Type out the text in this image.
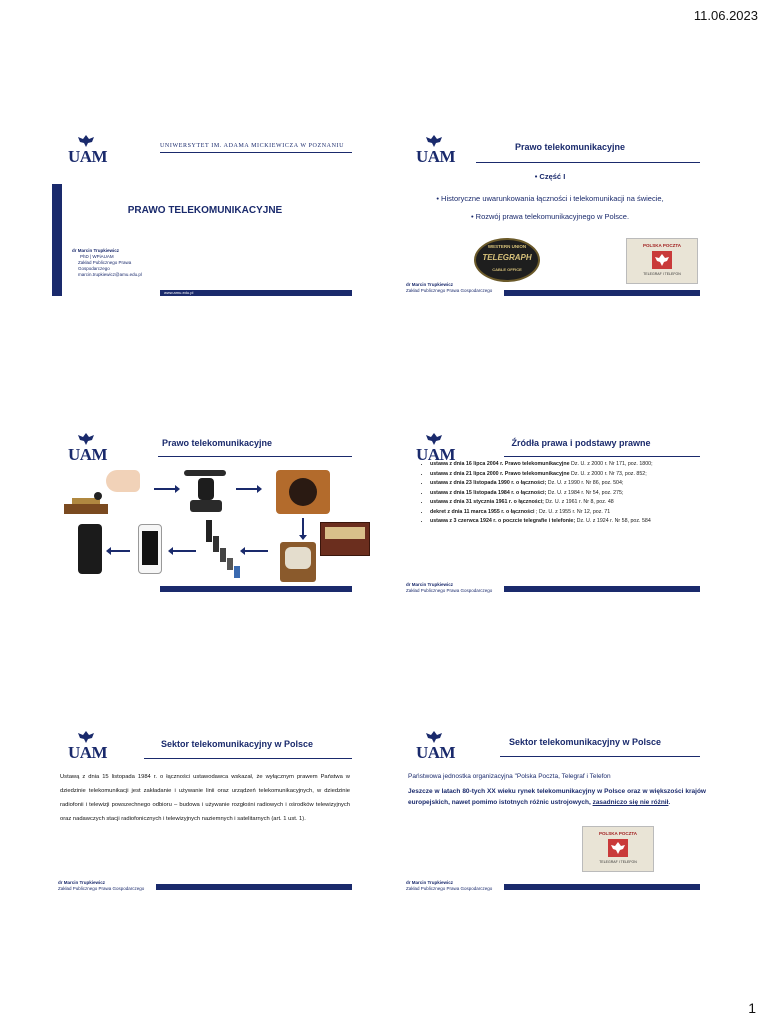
11.06.2023
UAM
UNIWERSYTET IM. ADAMA MICKIEWICZA W POZNANIU
PRAWO TELEKOMUNIKACYJNE
dr Marcin Trupkiewicz
PhD | WPiAUAM
Zakład Publicznego Prawa
Gospodarczego
marcin.trupkiewicz@amu.edu.pl
www.amu.edu.pl
UAM	Prawo telekomunikacyjne
• Część I
• Historyczne uwarunkowania łączności i telekomunikacji na świecie,
• Rozwój prawa telekomunikacyjnego w Polsce.
WESTERN UNION
TELEGRAPH
CABLE OFFICE
POLSKA POCZTA
TELEGRAF I TELEFON
dr Marcin Trupkiewicz
Zakład Publicznego Prawa Gospodarczego
UAM
Prawo telekomunikacyjne
UAM
Źródła prawa i podstawy prawne
• ustawa z dnia 16 lipca 2004 r. Prawo telekomunikacyjne Dz. U. z 2000 r. Nr 171, poz. 1800;
• ustawa z dnia 21 lipca 2000 r. Prawo telekomunikacyjne Dz. U. z 2000 r. Nr 73, poz. 852;
• ustawa z dnia 23 listopada 1990 r. o łączności; Dz. U. z 1990 r. Nr 86, poz. 504;
• ustawa z dnia 15 listopada 1984 r. o łączności; Dz. U. z 1984 r. Nr 54, poz. 275;
• ustawa z dnia 31 stycznia 1961 r. o łączności; Dz. U. z 1961 r. Nr 8, poz. 48
• dekret z dnia 11 marca 1955 r. o łączności ; Dz. U. z 1955 r. Nr 12, poz. 71
• ustawa z 3 czerwca 1924 r. o poczcie telegrafie i telefonie; Dz. U. z 1924 r. Nr 58, poz. 584
dr Marcin Trupkiewicz
Zakład Publicznego Prawa Gospodarczego
UAM	Sektor telekomunikacyjny w Polsce
Ustawą z dnia 15 listopada 1984 r. o łączności ustawodawca wskazał, że wyłącznym prawem Państwa w dziedzinie telekomunikacji jest zakładanie i używanie linii oraz urządzeń telekomunikacyjnych, w dziedzinie radiofonii i telewizji powszechnego odbioru – budowa i używanie rozgłośni radiowych i ośrodków telewizyjnych oraz nadawczych stacji radiofonicznych i telewizyjnych naziemnych i satelitarnych (art. 1 ust. 1).
dr Marcin Trupkiewicz
Zakład Publicznego Prawa Gospodarczego
UAM
Sektor telekomunikacyjny w Polsce
Państwowa jednostka organizacyjna "Polska Poczta, Telegraf i Telefon
Jeszcze w latach 80-tych XX wieku rynek telekomunikacyjny w Polsce oraz w większości krajów europejskich, nawet pomimo istotnych różnic ustrojowych, zasadniczo się nie różnił.
POLSKA POCZTA
TELEGRAF I TELEFON
dr Marcin Trupkiewicz
Zakład Publicznego Prawa Gospodarczego
1
